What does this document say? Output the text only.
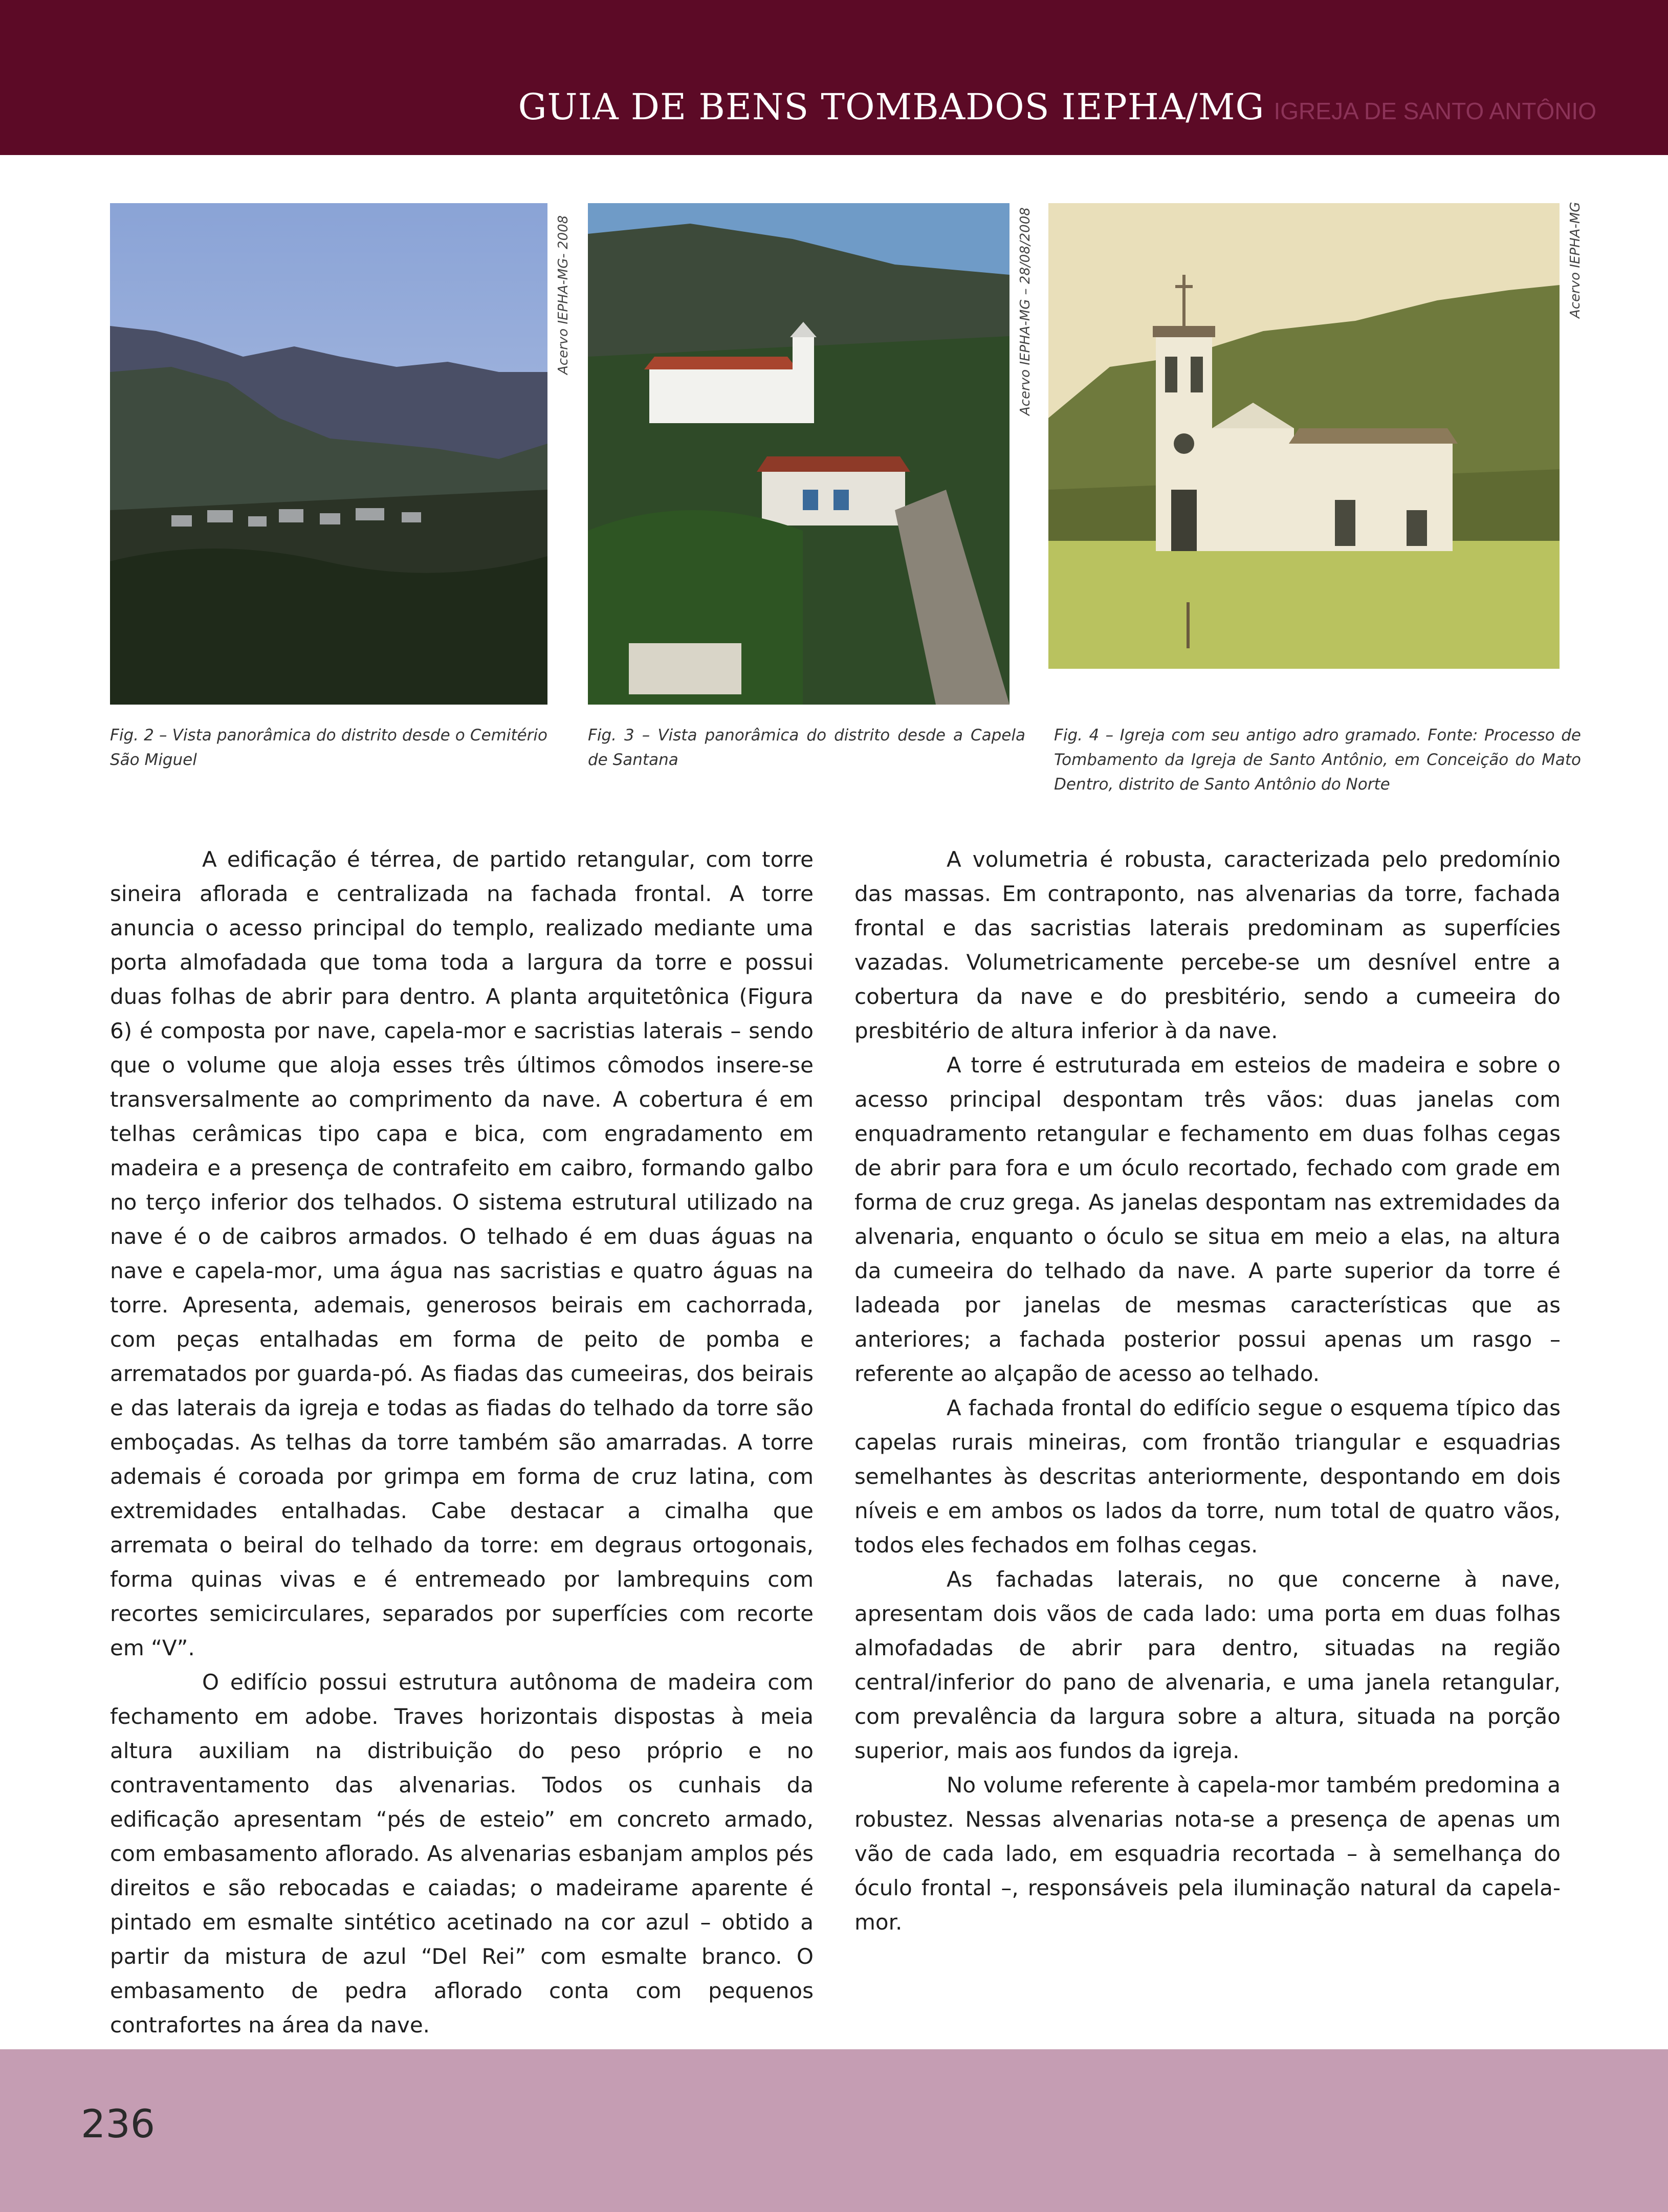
GUIA DE BENS TOMBADOS IEPHA/MG IGREJA DE SANTO ANTÔNIO
Acervo IEPHA-MG- 2008
Fig. 2 – Vista panorâmica do distrito desde o Cemitério São Miguel
Acervo IEPHA-MG – 28/08/2008
Fig. 3 – Vista panorâmica do distrito desde a Capela de Santana
Acervo IEPHA-MG
Fig. 4 – Igreja com seu antigo adro gramado. Fonte: Processo de Tombamento da Igreja de Santo Antônio, em Conceição do Mato Dentro, distrito de Santo Antônio do Norte

A edificação é térrea, de partido retangular, com torre sineira aflorada e centralizada na fachada frontal. A torre anuncia o acesso principal do templo, realizado mediante uma porta almofadada que toma toda a largura da torre e possui duas folhas de abrir para dentro. A planta arquitetônica (Figura 6) é composta por nave, capela-mor e sacristias laterais – sendo que o volume que aloja esses três últimos cômodos insere-se transversalmente ao comprimento da nave. A cobertura é em telhas cerâmicas tipo capa e bica, com engradamento em madeira e a presença de contrafeito em caibro, formando galbo no terço inferior dos telhados. O sistema estrutural utilizado na nave é o de caibros armados. O telhado é em duas águas na nave e capela-mor, uma água nas sacristias e quatro águas na torre. Apresenta, ademais, generosos beirais em cachorrada, com peças entalhadas em forma de peito de pomba e arrematados por guarda-pó. As fiadas das cumeeiras, dos beirais e das laterais da igreja e todas as fiadas do telhado da torre são emboçadas. As telhas da torre também são amarradas. A torre ademais é coroada por grimpa em forma de cruz latina, com extremidades entalhadas. Cabe destacar a cimalha que arremata o beiral do telhado da torre: em degraus ortogonais, forma quinas vivas e é entremeado por lambrequins com recortes semicirculares, separados por superfícies com recorte em “V”.

O edifício possui estrutura autônoma de madeira com fechamento em adobe. Traves horizontais dispostas à meia altura auxiliam na distribuição do peso próprio e no contraventamento das alvenarias. Todos os cunhais da edificação apresentam “pés de esteio” em concreto armado, com embasamento aflorado. As alvenarias esbanjam amplos pés direitos e são rebocadas e caiadas; o madeirame aparente é pintado em esmalte sintético acetinado na cor azul – obtido a partir da mistura de azul “Del Rei” com esmalte branco. O embasamento de pedra aflorado conta com pequenos contrafortes na área da nave.

A volumetria é robusta, caracterizada pelo predomínio das massas. Em contraponto, nas alvenarias da torre, fachada frontal e das sacristias laterais predominam as superfícies vazadas. Volumetricamente percebe-se um desnível entre a cobertura da nave e do presbitério, sendo a cumeeira do presbitério de altura inferior à da nave.

A torre é estruturada em esteios de madeira e sobre o acesso principal despontam três vãos: duas janelas com enquadramento retangular e fechamento em duas folhas cegas de abrir para fora e um óculo recortado, fechado com grade em forma de cruz grega. As janelas despontam nas extremidades da alvenaria, enquanto o óculo se situa em meio a elas, na altura da cumeeira do telhado da nave. A parte superior da torre é ladeada por janelas de mesmas características que as anteriores; a fachada posterior possui apenas um rasgo – referente ao alçapão de acesso ao telhado.

A fachada frontal do edifício segue o esquema típico das capelas rurais mineiras, com frontão triangular e esquadrias semelhantes às descritas anteriormente, despontando em dois níveis e em ambos os lados da torre, num total de quatro vãos, todos eles fechados em folhas cegas.

As fachadas laterais, no que concerne à nave, apresentam dois vãos de cada lado: uma porta em duas folhas almofadadas de abrir para dentro, situadas na região central/inferior do pano de alvenaria, e uma janela retangular, com prevalência da largura sobre a altura, situada na porção superior, mais aos fundos da igreja.

No volume referente à capela-mor também predomina a robustez. Nessas alvenarias nota-se a presença de apenas um vão de cada lado, em esquadria recortada – à semelhança do óculo frontal –, responsáveis pela iluminação natural da capela-mor.

236
